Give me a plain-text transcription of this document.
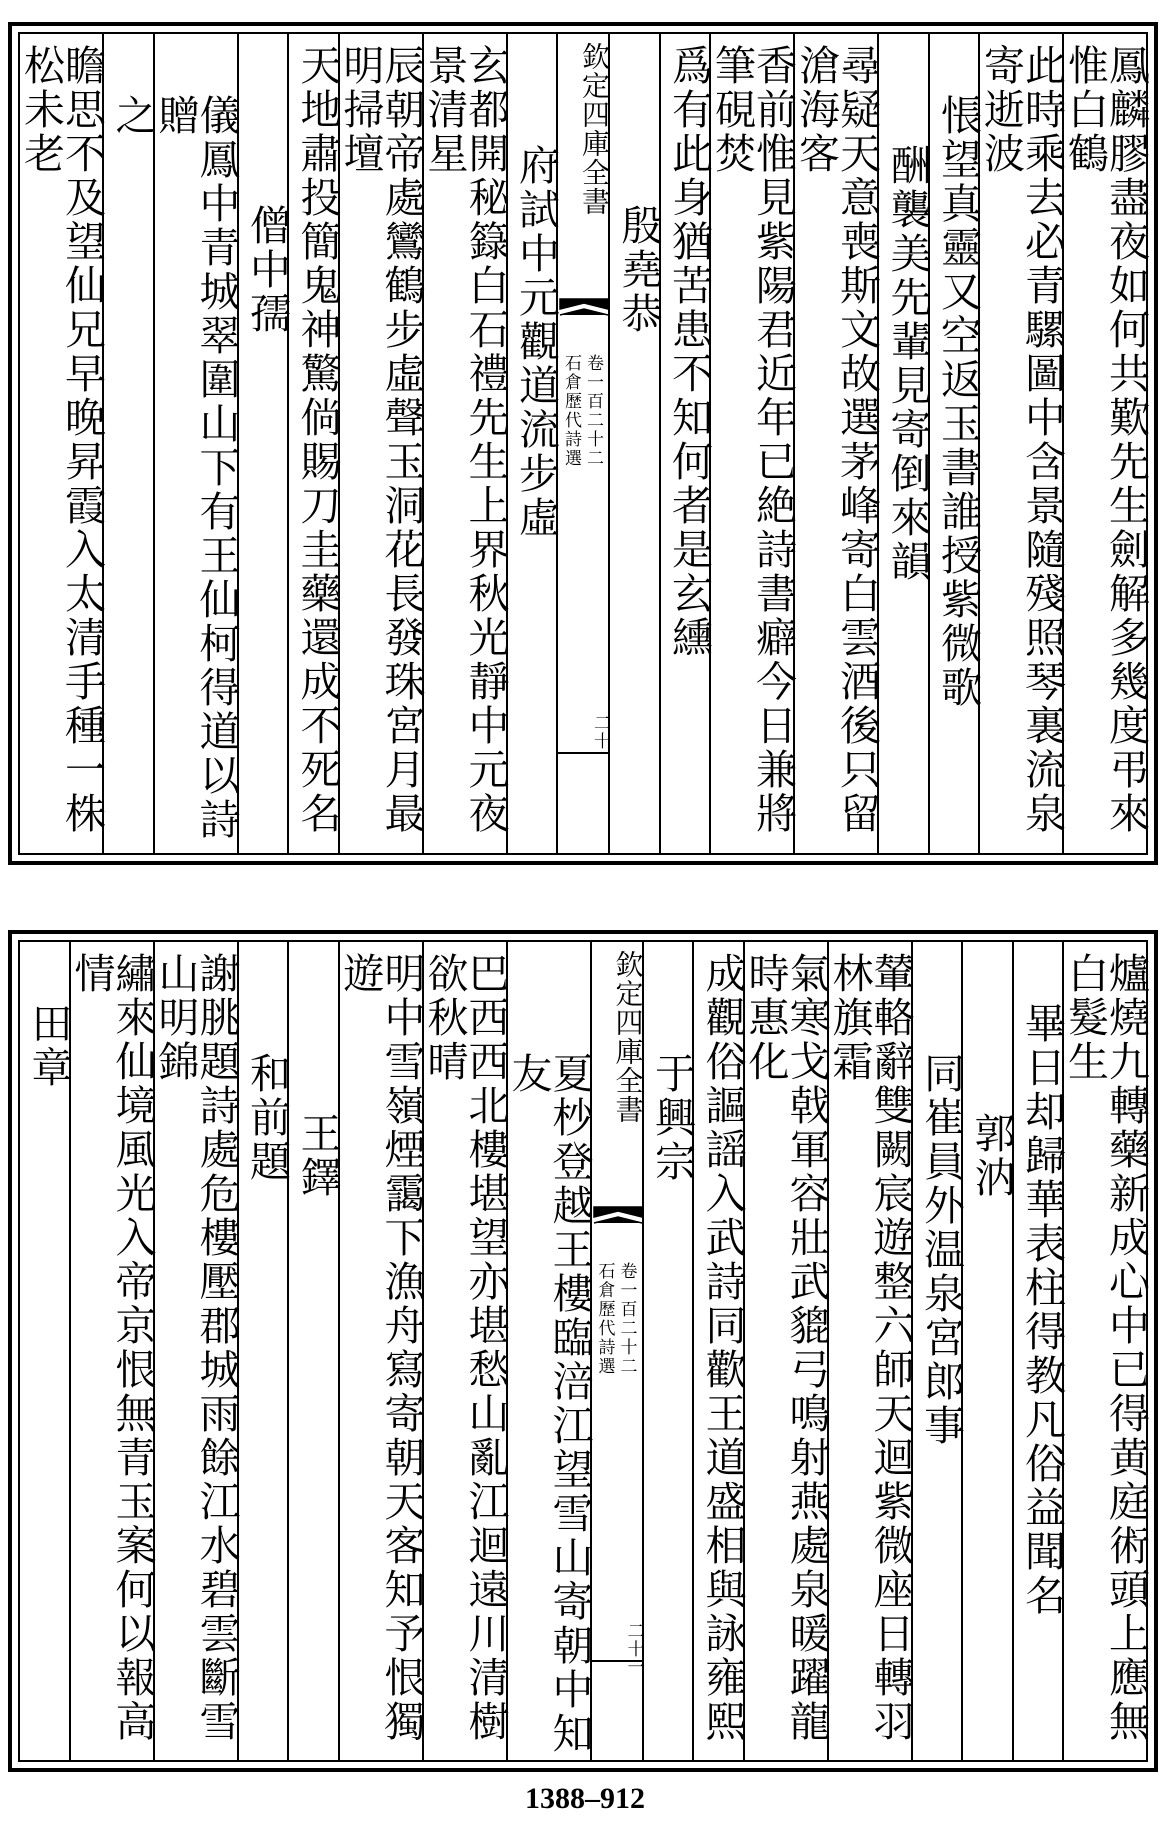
鳳麟膠盡夜如何共歎先生劍解多幾度弔來惟白鶴
此時乘去必青騾圖中含景隨殘照琴裏流泉寄逝波
悵望真靈又空返玉書誰授紫微歌
酬襲美先輩見寄倒來韻
尋疑天意喪斯文故選茅峰寄白雲酒後只留滄海客
香前惟見紫陽君近年已絶詩書癖今日兼將筆硯焚
爲有此身猶苦患不知何者是玄纁
殷堯恭
欽定四庫全書
石倉歷代詩選 卷一百二十二
二十
府試中元觀道流步虛
玄都開秘籙白石禮先生上界秋光靜中元夜景清星
辰朝帝處鸞鶴步虛聲玉洞花長發珠宮月最明掃壇
天地肅投簡鬼神驚倘賜刀圭藥還成不死名
僧中孺
儀鳳中青城翠圍山下有王仙柯得道以詩贈
之
瞻思不及望仙兄早晚昇霞入太清手種一株松未老
爐燒九轉藥新成心中已得黄庭術頭上應無白髮生
畢日却歸華表柱得教凡俗益聞名
郭汭
同崔員外温泉宮郎事
輦輅辭雙闕宸遊整六師天迴紫微座日轉羽林旗霜
氣寒戈戟軍容壯武貔弓鳴射燕處泉暖躍龍時惠化
成觀俗謳謡入武詩同歡王道盛相與詠雍熙
于興宗
欽定四庫全書
石倉歷代詩選 卷一百二十二
二十一
夏杪登越王樓臨涪江望雪山寄朝中知友
巴西西北樓堪望亦堪愁山亂江迴遠川清樹欲秋晴
明中雪嶺煙靄下漁舟寫寄朝天客知予恨獨遊
王鐸
和前題
謝朓題詩處危樓壓郡城雨餘江水碧雲斷雪山明錦
繡來仙境風光入帝京恨無青玉案何以報高情
田章
1388–912
